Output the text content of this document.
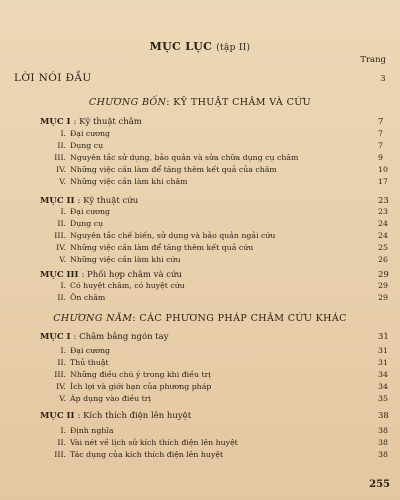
MỤC LỤC (tập II)
Trang
LỜI NÓI ĐẦU	3
CHƯƠNG BỐN: KỸ THUẬT CHÂM VÀ CỨU
MỤC I : Kỹ thuật châm	7
I. Đại cương	7
II. Dụng cụ	7
III. Nguyên tắc sử dụng, bảo quản và sửa chữa dụng cụ châm	9
IV. Những việc cần làm để tăng thêm kết quả của châm	10
V. Những việc cần làm khi châm	17
MỤC II : Kỹ thuật cứu	23
I. Đại cương	23
II. Dụng cụ	24
III. Nguyên tắc chế biến, sử dụng và bảo quản ngải cứu	24
IV. Những việc cần làm để tăng thêm kết quả cứu	25
V. Những việc cần làm khi cứu	26
MỤC III : Phối hợp châm và cứu	29
I. Có huyệt châm, có huyệt cứu	29
II. Ôn châm	29
CHƯƠNG NĂM: CÁC PHƯƠNG PHÁP CHÂM CỨU KHÁC
MỤC I : Châm bằng ngón tay	31
I. Đại cương	31
II. Thủ thuật	31
III. Những điều chú ý trong khi điều trị	34
IV. Ích lợi và giới hạn của phương pháp	34
V. Áp dụng vào điều trị	35
MỤC II : Kích thích điện lên huyệt	38
I. Định nghĩa	38
II. Vài nét về lịch sử kích thích điện lên huyệt	38
III. Tác dụng của kích thích điện lên huyệt	38
255
